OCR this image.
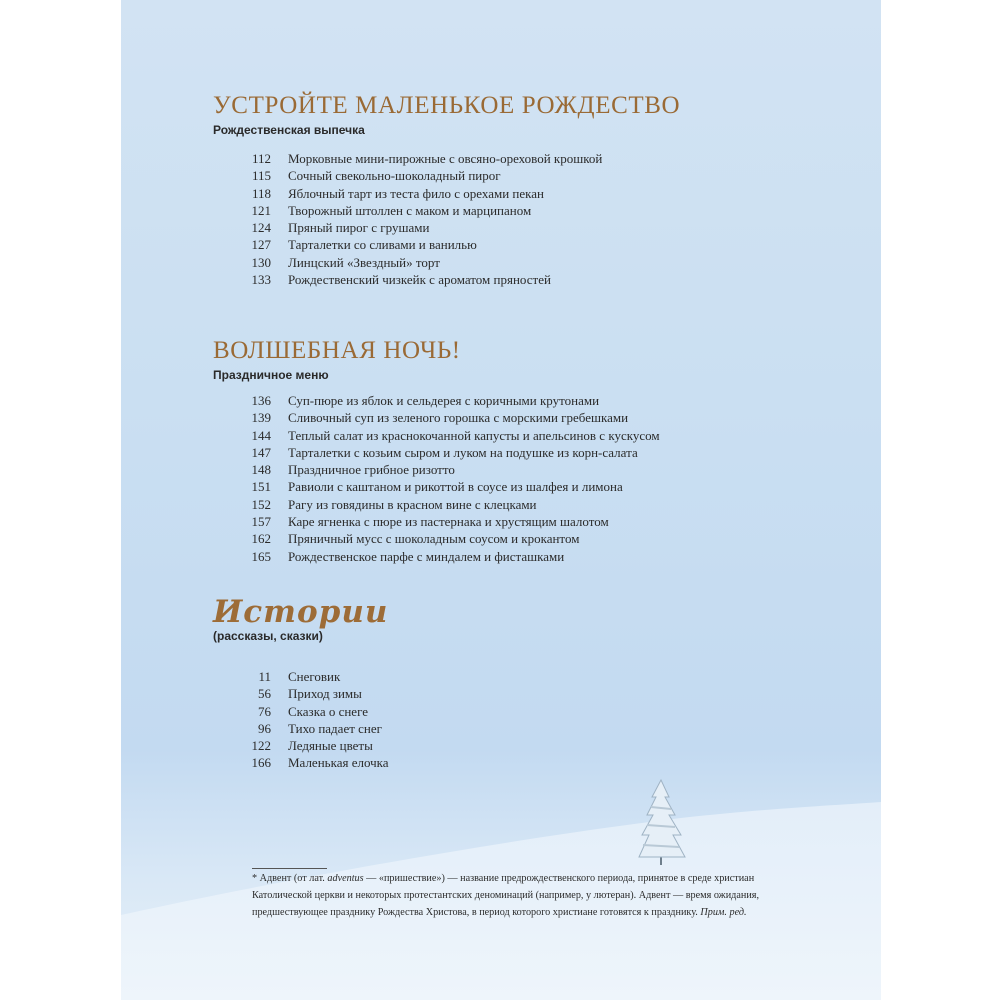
УСТРОЙТЕ МАЛЕНЬКОЕ РОЖДЕСТВО

Рождественская выпечка

112	Морковные мини-пирожные с овсяно-ореховой крошкой
115	Сочный свекольно-шоколадный пирог
118	Яблочный тарт из теста фило с орехами пекан
121	Творожный штоллен с маком и марципаном
124	Пряный пирог с грушами
127	Тарталетки со сливами и ванилью
130	Линцский «Звездный» торт
133	Рождественский чизкейк с ароматом пряностей
ВОЛШЕБНАЯ НОЧЬ!

Праздничное меню

136	Суп-пюре из яблок и сельдерея с коричными крутонами
139	Сливочный суп из зеленого горошка с морскими гребешками
144	Теплый салат из краснокочанной капусты и апельсинов с кускусом
147	Тарталетки с козьим сыром и луком на подушке из корн-салата
148	Праздничное грибное ризотто
151	Равиоли с каштаном и рикоттой в соусе из шалфея и лимона
152	Рагу из говядины в красном вине с клецками
157	Каре ягненка с пюре из пастернака и хрустящим шалотом
162	Пряничный мусс с шоколадным соусом и крокантом
165	Рождественское парфе с миндалем и фисташками
Истории

(рассказы, сказки)

11	Снеговик
56	Приход зимы
76	Сказка о снеге
96	Тихо падает снег
122	Ледяные цветы
166	Маленькая елочка
* Адвент (от лат. adventus — «пришествие») — название предрождественского периода, принятое в среде христиан Католической церкви и некоторых протестантских деноминаций (например, у лютеран). Адвент — время ожидания, предшествующее празднику Рождества Христова, в период которого христиане готовятся к празднику. Прим. ред.
